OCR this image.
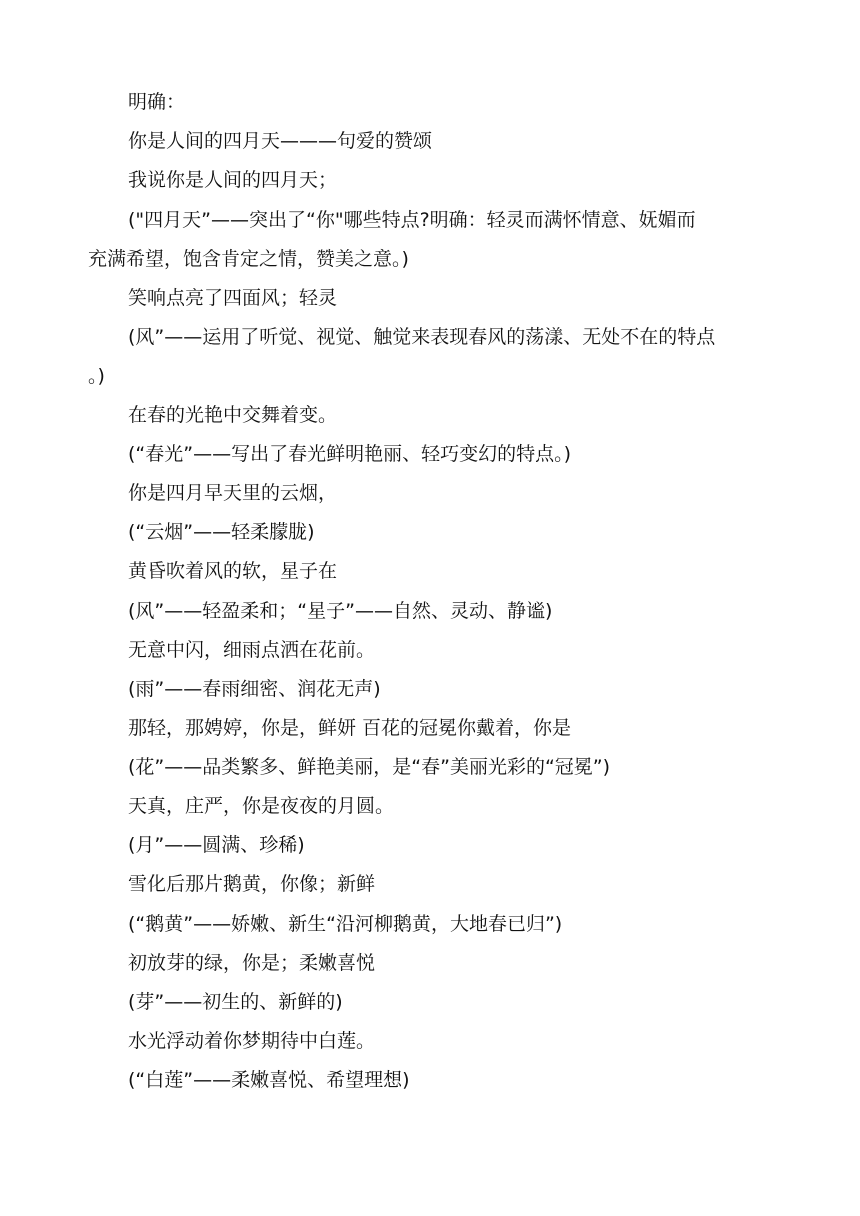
明确：
你是人间的四月天———句爱的赞颂
我说你是人间的四月天；
("四月天”——突出了“你"哪些特点?明确：轻灵而满怀情意、妩媚而
充满希望，饱含肯定之情，赞美之意。)
笑响点亮了四面风；轻灵
(风”——运用了听觉、视觉、触觉来表现春风的荡漾、无处不在的特点
。)
在春的光艳中交舞着变。
(“春光”——写出了春光鲜明艳丽、轻巧变幻的特点。)
你是四月早天里的云烟，
(“云烟”——轻柔朦胧)
黄昏吹着风的软，星子在
(风”——轻盈柔和；“星子”——自然、灵动、静谧)
无意中闪，细雨点洒在花前。
(雨”——春雨细密、润花无声)
那轻，那娉婷，你是，鲜妍 百花的冠冕你戴着，你是
(花”——品类繁多、鲜艳美丽，是“春”美丽光彩的“冠冕”)
天真，庄严，你是夜夜的月圆。
(月”——圆满、珍稀)
雪化后那片鹅黄，你像；新鲜
(“鹅黄”——娇嫩、新生“沿河柳鹅黄，大地春已归”)
初放芽的绿，你是；柔嫩喜悦
(芽”——初生的、新鲜的)
水光浮动着你梦期待中白莲。
(“白莲”——柔嫩喜悦、希望理想)
